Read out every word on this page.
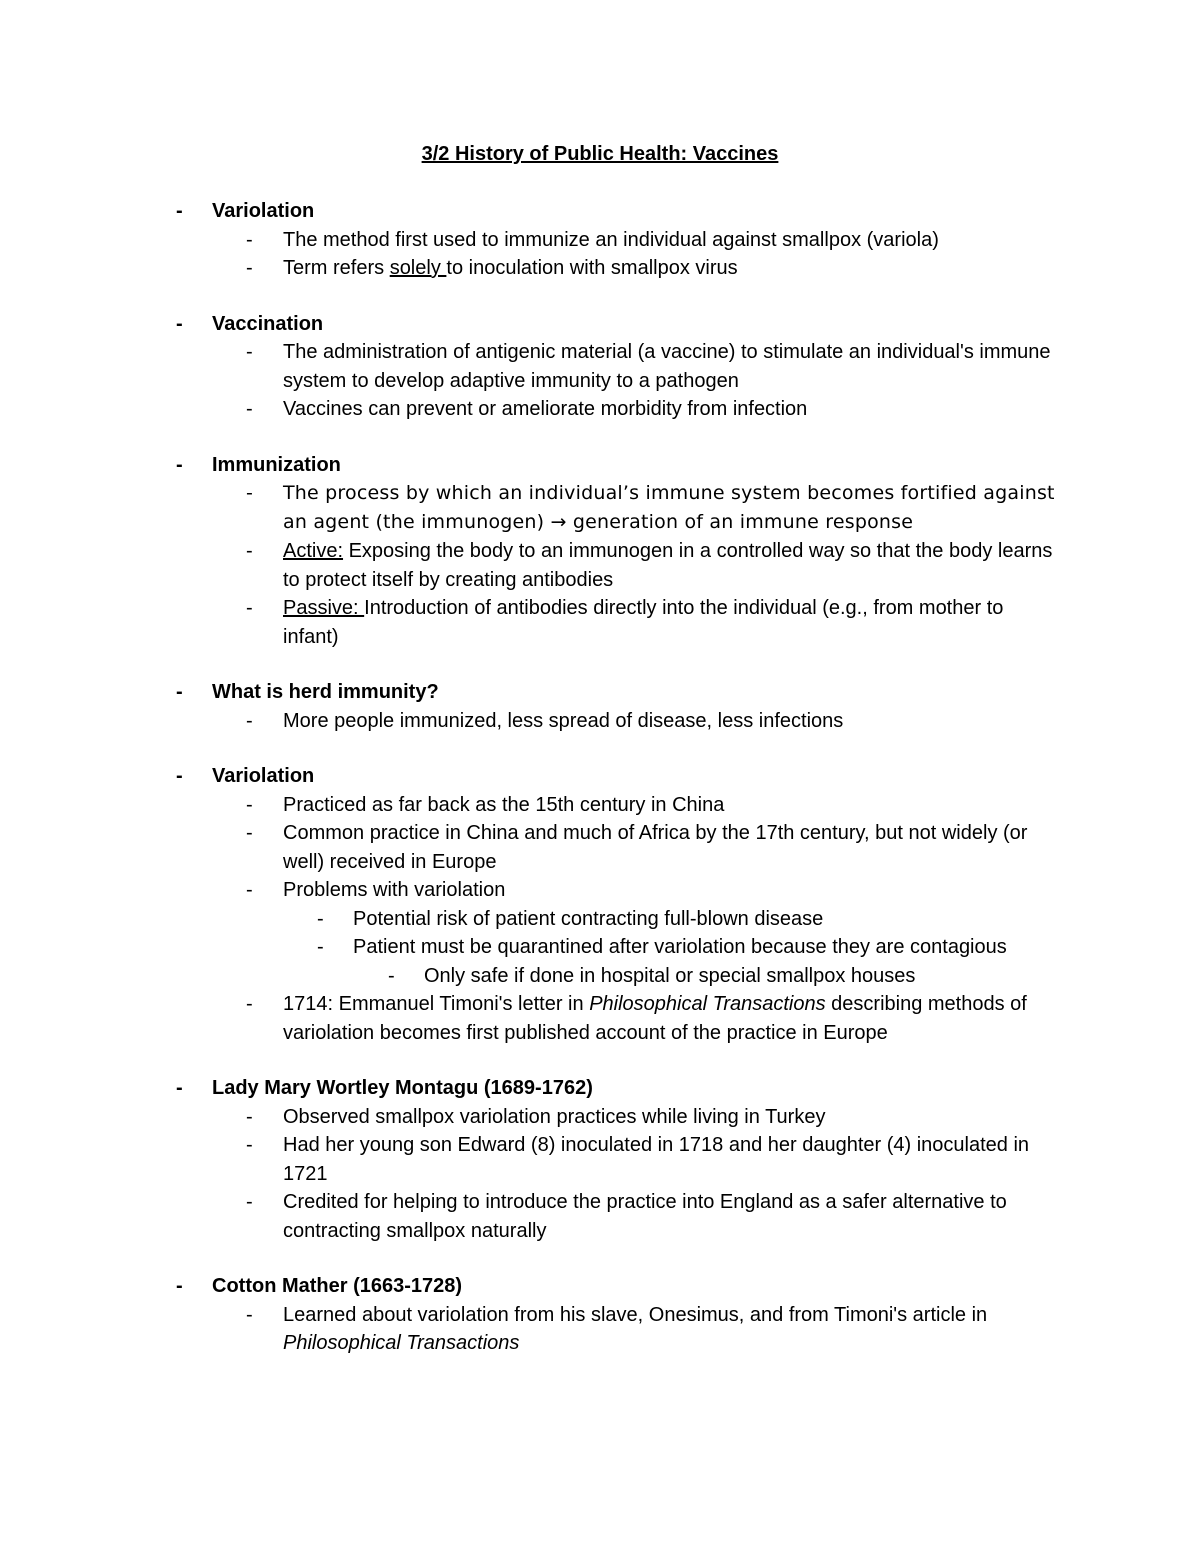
3/2 History of Public Health: Vaccines
- Variolation
- The method first used to immunize an individual against smallpox (variola)
- Term refers solely to inoculation with smallpox virus
- Vaccination
- The administration of antigenic material (a vaccine) to stimulate an individual's immune system to develop adaptive immunity to a pathogen
- Vaccines can prevent or ameliorate morbidity from infection
- Immunization
- The process by which an individual’s immune system becomes fortified against an agent (the immunogen) → generation of an immune response
- Active: Exposing the body to an immunogen in a controlled way so that the body learns to protect itself by creating antibodies
- Passive: Introduction of antibodies directly into the individual (e.g., from mother to infant)
- What is herd immunity?
- More people immunized, less spread of disease, less infections
- Variolation
- Practiced as far back as the 15th century in China
- Common practice in China and much of Africa by the 17th century, but not widely (or well) received in Europe
- Problems with variolation
- Potential risk of patient contracting full-blown disease
- Patient must be quarantined after variolation because they are contagious
- Only safe if done in hospital or special smallpox houses
- 1714: Emmanuel Timoni's letter in Philosophical Transactions describing methods of variolation becomes first published account of the practice in Europe
- Lady Mary Wortley Montagu (1689-1762)
- Observed smallpox variolation practices while living in Turkey
- Had her young son Edward (8) inoculated in 1718 and her daughter (4) inoculated in 1721
- Credited for helping to introduce the practice into England as a safer alternative to contracting smallpox naturally
- Cotton Mather (1663-1728)
- Learned about variolation from his slave, Onesimus, and from Timoni's article in Philosophical Transactions
